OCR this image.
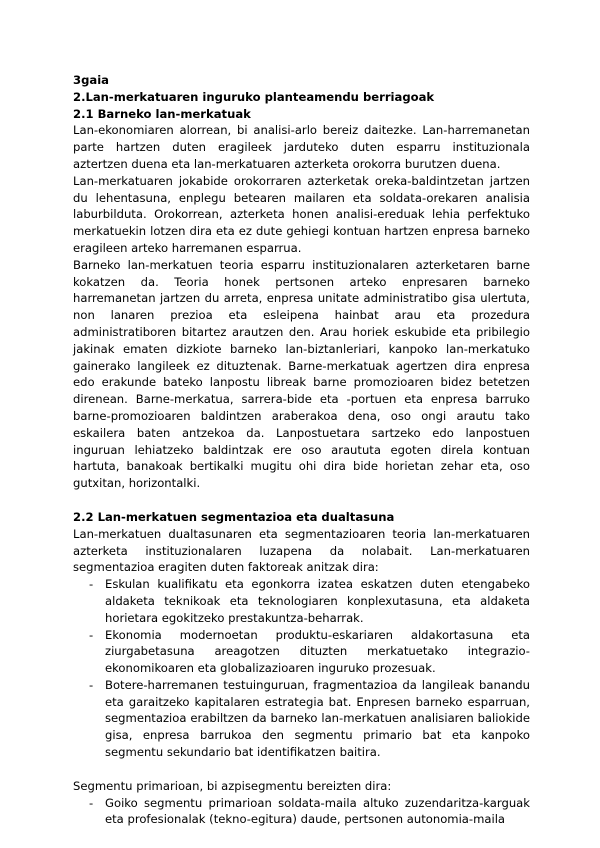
3gaia
2.Lan-merkatuaren inguruko planteamendu berriagoak
2.1 Barneko lan-merkatuak

Lan-ekonomiaren alorrean, bi analisi-arlo bereiz daitezke. Lan-harremanetan parte hartzen duten eragileek jarduteko duten esparru instituzionala aztertzen duena eta lan-merkatuaren azterketa orokorra burutzen duena.

Lan-merkatuaren jokabide orokorraren azterketak oreka-baldintzetan jartzen du lehentasuna, enplegu betearen mailaren eta soldata-orekaren analisia laburbilduta. Orokorrean, azterketa honen analisi-ereduak lehia perfektuko merkatuekin lotzen dira eta ez dute gehiegi kontuan hartzen enpresa barneko eragileen arteko harremanen esparrua.

Barneko lan-merkatuen teoria esparru instituzionalaren azterketaren barne kokatzen da. Teoria honek pertsonen arteko enpresaren barneko harremanetan jartzen du arreta, enpresa unitate administratibo gisa ulertuta, non lanaren prezioa eta esleipena hainbat arau eta prozedura administratiboren bitartez arautzen den. Arau horiek eskubide eta pribilegio jakinak ematen dizkiote barneko lan-biztanleriari, kanpoko lan-merkatuko gainerako langileek ez dituztenak. Barne-merkatuak agertzen dira enpresa edo erakunde bateko lanpostu libreak barne promozioaren bidez betetzen direnean. Barne-merkatua, sarrera-bide eta -portuen eta enpresa barruko barne-promozioaren baldintzen araberakoa dena, oso ongi arautu tako eskailera baten antzekoa da. Lanpostuetara sartzeko edo lanpostuen inguruan lehiatzeko baldintzak ere oso araututa egoten direla kontuan hartuta, banakoak bertikalki mugitu ohi dira bide horietan zehar eta, oso gutxitan, horizontalki.

2.2 Lan-merkatuen segmentazioa eta dualtasuna

Lan-merkatuen dualtasunaren eta segmentazioaren teoria lan-merkatuaren azterketa instituzionalaren luzapena da nolabait. Lan-merkatuaren segmentazioa eragiten duten faktoreak anitzak dira:

- Eskulan kualifikatu eta egonkorra izatea eskatzen duten etengabeko aldaketa teknikoak eta teknologiaren konplexutasuna, eta aldaketa horietara egokitzeko prestakuntza-beharrak.
- Ekonomia modernoetan produktu-eskariaren aldakortasuna eta ziurgabetasuna areagotzen dituzten merkatuetako integrazio-ekonomikoaren eta globalizazioaren inguruko prozesuak.
- Botere-harremanen testuinguruan, fragmentazioa da langileak banandu eta garaitzeko kapitalaren estrategia bat. Enpresen barneko esparruan, segmentazioa erabiltzen da barneko lan-merkatuen analisiaren baliokide gisa, enpresa barrukoa den segmentu primario bat eta kanpoko segmentu sekundario bat identifikatzen baitira.

Segmentu primarioan, bi azpisegmentu bereizten dira:

- Goiko segmentu primarioan soldata-maila altuko zuzendaritza-karguak eta profesionalak (tekno-egitura) daude, pertsonen autonomia-maila
